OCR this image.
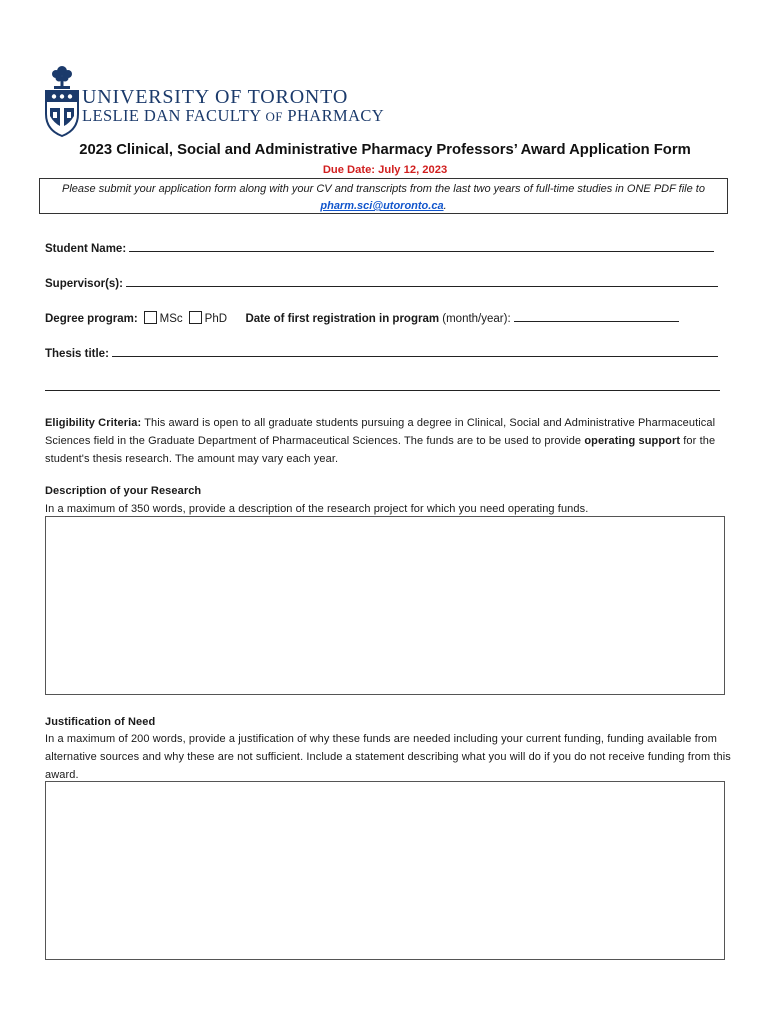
UNIVERSITY OF TORONTO
LESLIE DAN FACULTY OF PHARMACY
2023 Clinical, Social and Administrative Pharmacy Professors’ Award Application Form
Due Date: July 12, 2023
Please submit your application form along with your CV and transcripts from the last two years of full-time studies in ONE PDF file to pharm.sci@utoronto.ca.
Student Name:
Supervisor(s):
Degree program: MSc PhD Date of first registration in program (month/year):
Thesis title:
Eligibility Criteria: This award is open to all graduate students pursuing a degree in Clinical, Social and Administrative Pharmaceutical Sciences field in the Graduate Department of Pharmaceutical Sciences. The funds are to be used to provide operating support for the student's thesis research. The amount may vary each year.
Description of your Research
In a maximum of 350 words, provide a description of the research project for which you need operating funds.
Justification of Need
In a maximum of 200 words, provide a justification of why these funds are needed including your current funding, funding available from alternative sources and why these are not sufficient. Include a statement describing what you will do if you do not receive funding from this award.
